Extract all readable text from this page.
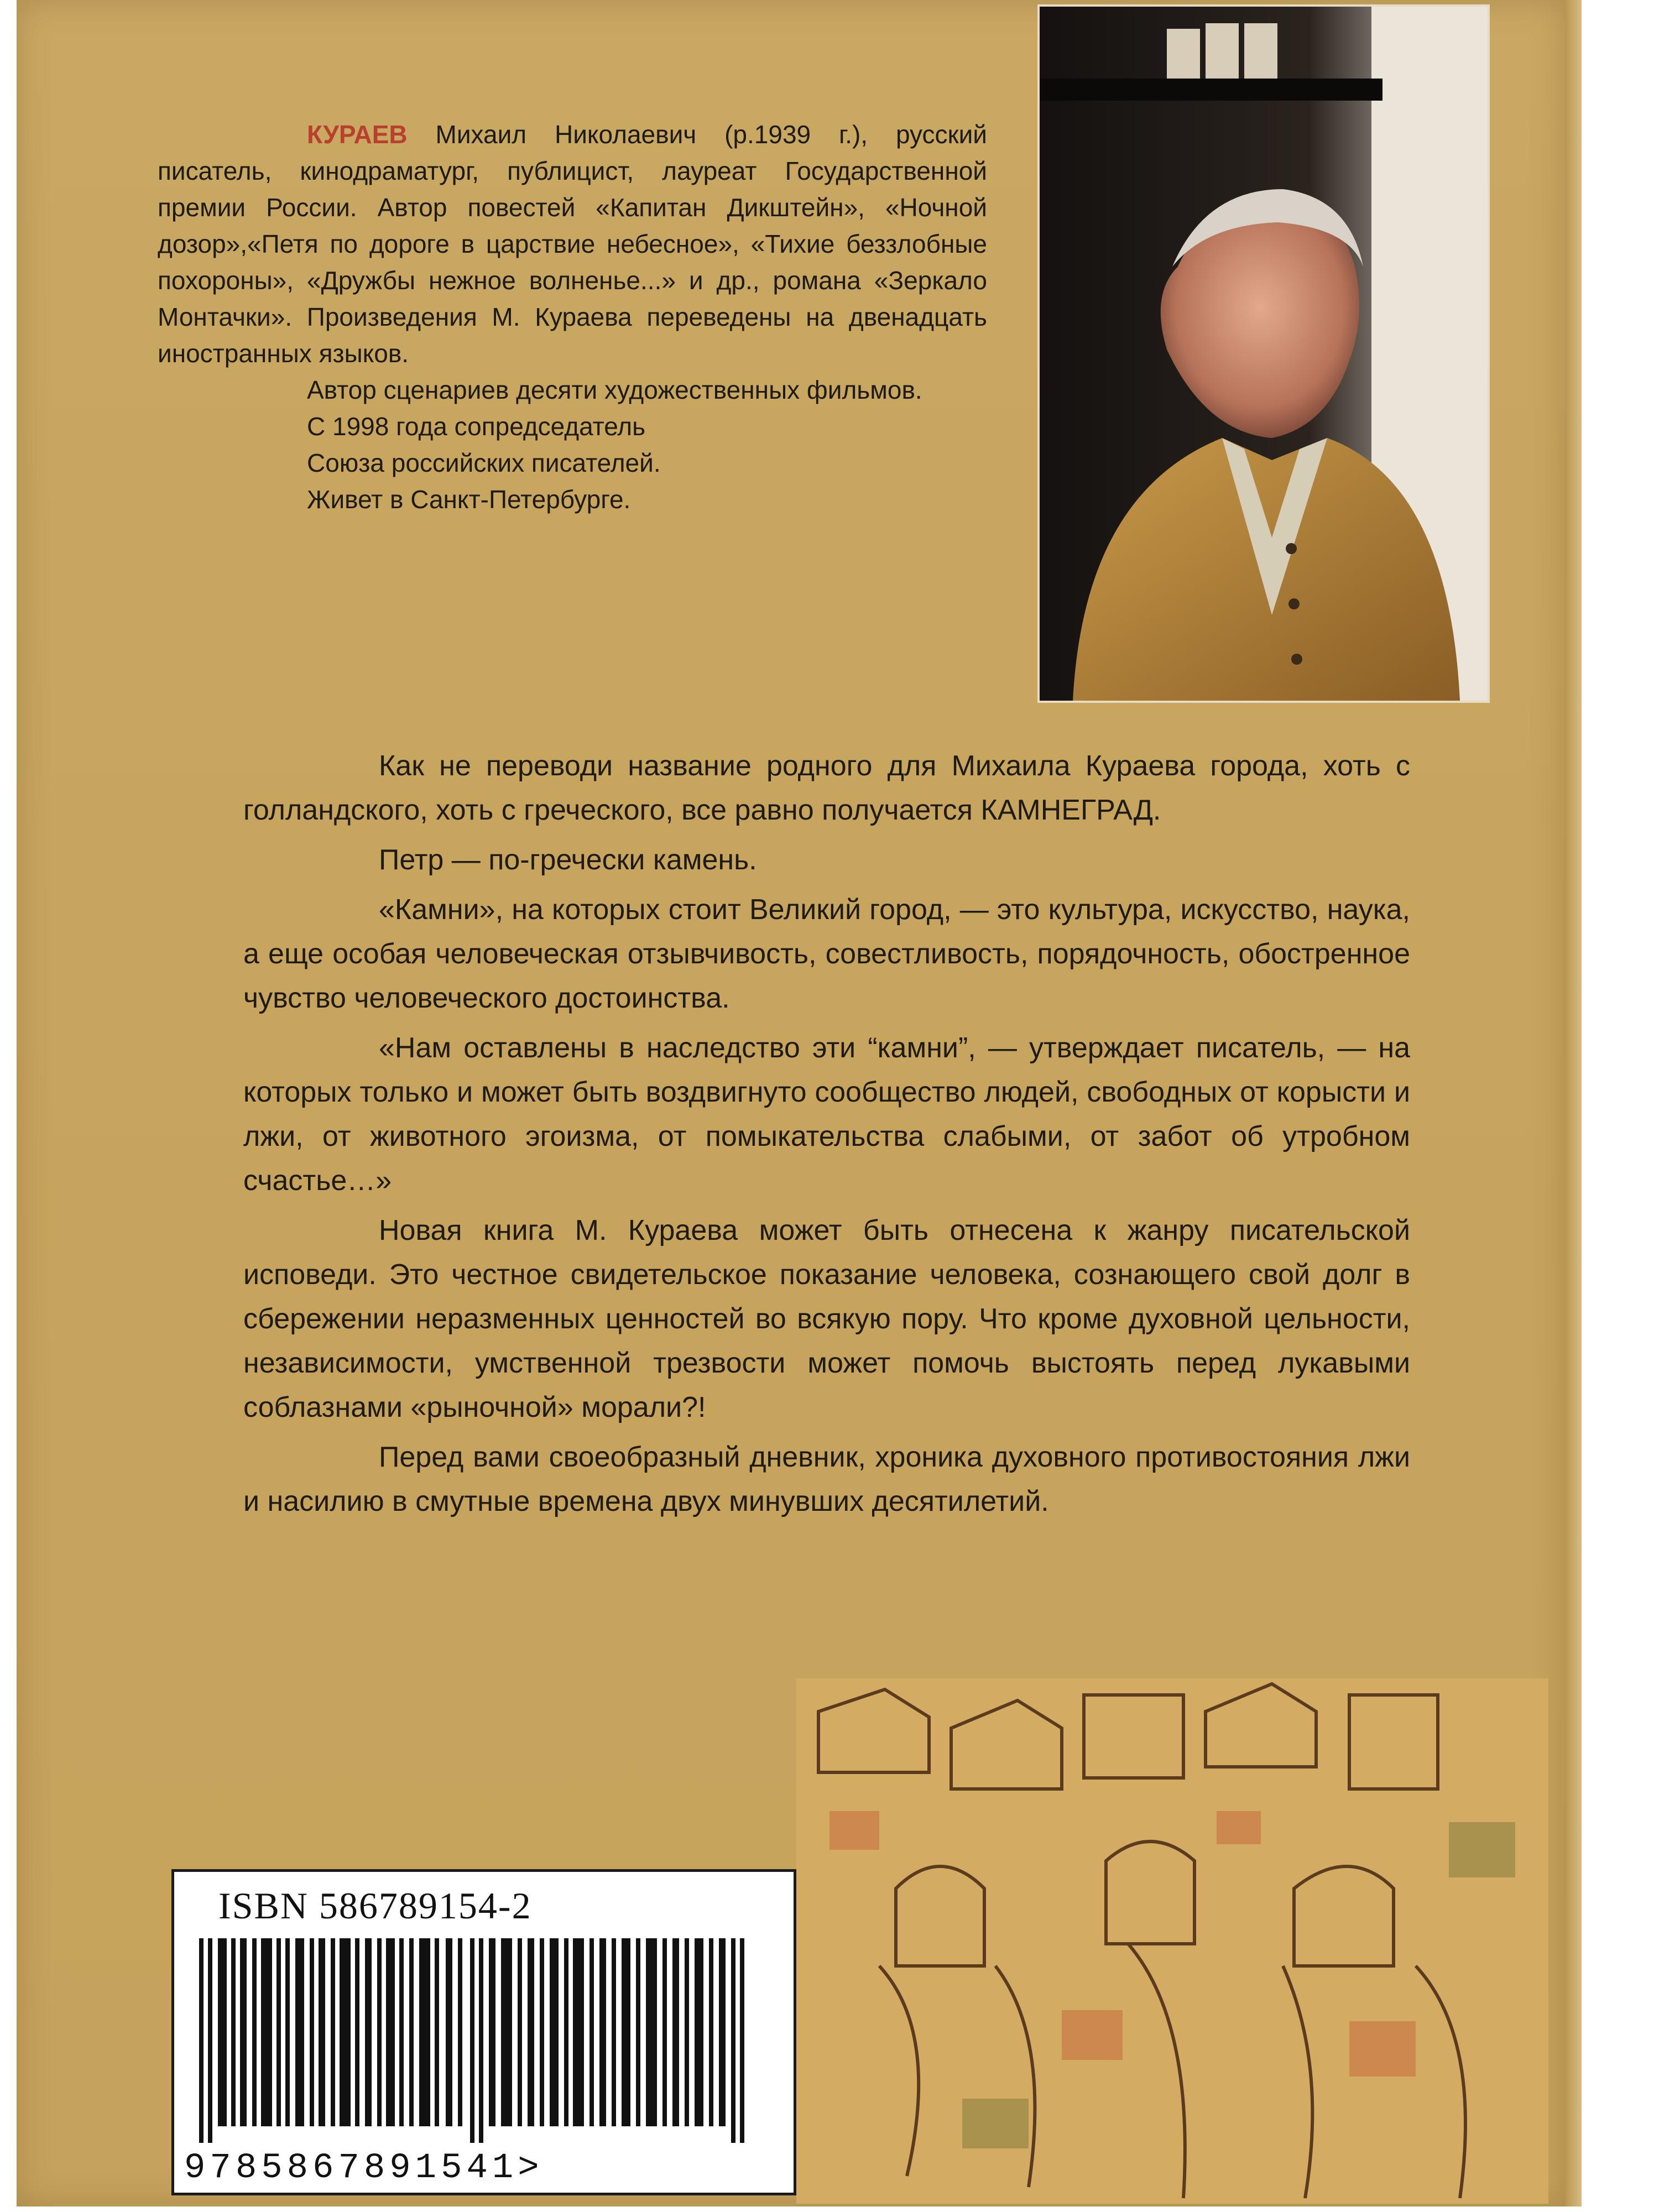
КУРАЕВ Михаил Николаевич (р.1939 г.), русский писатель, кинодраматург, публицист, лауреат Государственной премии России. Автор повестей «Капитан Дикштейн», «Ночной дозор»,«Петя по дороге в царствие небесное», «Тихие беззлобные похороны», «Дружбы нежное волненье...» и др., романа «Зеркало Монтачки». Произведения М. Кураева переведены на двенадцать иностранных языков.

Автор сценариев десяти художественных фильмов.

С 1998 года сопредседатель

Союза российских писателей.

Живет в Санкт-Петербурге.

Как не переводи название родного для Михаила Кураева города, хоть с голландского, хоть с греческого, все равно получается КАМНЕГРАД.

Петр — по-гречески камень.

«Камни», на которых стоит Великий город, — это культура, искусство, наука, а еще особая человеческая отзывчивость, совестливость, порядочность, обостренное чувство человеческого достоинства.

«Нам оставлены в наследство эти “камни”, — утверждает писатель, — на которых только и может быть воздвигнуто сообщество людей, свободных от корысти и лжи, от животного эгоизма, от помыкательства слабыми, от забот об утробном счастье…»

Новая книга М. Кураева может быть отнесена к жанру писательской исповеди. Это честное свидетельское показание человека, сознающего свой долг в сбережении неразменных ценностей во всякую пору. Что кроме духовной цельности, независимости, умственной трезвости может помочь выстоять перед лукавыми соблазнами «рыночной» морали?!

Перед вами своеобразный дневник, хроника духовного противостояния лжи и насилию в смутные времена двух минувших десятилетий.

ISBN 586789154-2
9785867891541>
